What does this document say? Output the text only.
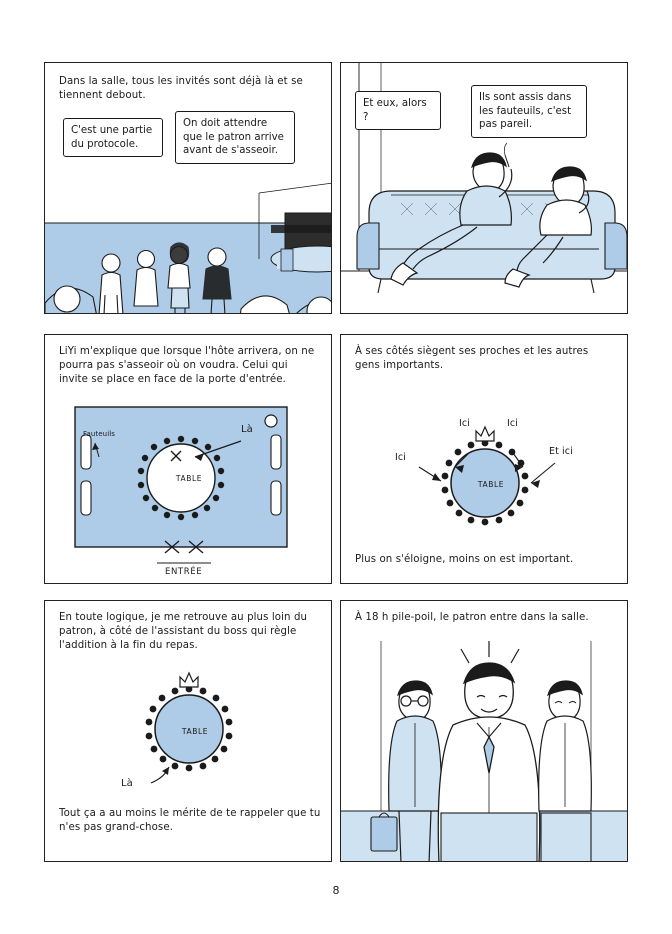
Dans la salle, tous les invités sont déjà là et se tiennent debout.
C'est une partie du protocole.
On doit attendre que le patron arrive avant de s'asseoir.
Et eux, alors ?
Ils sont assis dans les fauteuils, c'est pas pareil.
LiYi m'explique que lorsque l'hôte arrivera, on ne pourra pas s'asseoir où on voudra. Celui qui invite se place en face de la porte d'entrée.
TABLE
Fauteuils	Là
ENTRÉE
À ses côtés siègent ses proches et les autres gens importants.
TABLE
Ici	Ici
Ici
Et ici
Plus on s'éloigne, moins on est important.
En toute logique, je me retrouve au plus loin du patron, à côté de l'assistant du boss qui règle l'addition à la fin du repas.
TABLE
Là
Tout ça a au moins le mérite de te rappeler que tu n'es pas grand-chose.
À 18 h pile-poil, le patron entre dans la salle.
8
